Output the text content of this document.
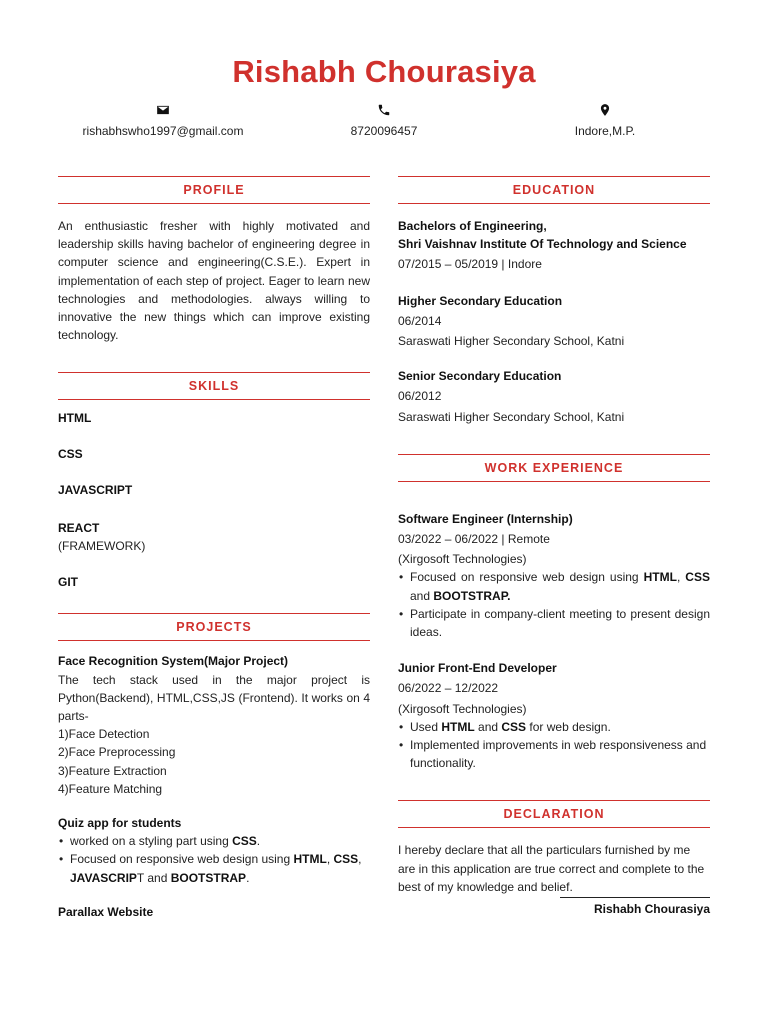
Rishabh Chourasiya
rishabhswho1997@gmail.com	8720096457	Indore,M.P.
PROFILE
An enthusiastic fresher with highly motivated and leadership skills having bachelor of engineering degree in computer science and engineering(C.S.E.). Expert in implementation of each step of project. Eager to learn new technologies and methodologies. always willing to innovative the new things which can improve existing technology.
SKILLS
HTML
CSS
JAVASCRIPT
REACT
(FRAMEWORK)
GIT
PROJECTS
Face Recognition System(Major Project)
The tech stack used in the major project is Python(Backend), HTML,CSS,JS (Frontend). It works on 4 parts-
1)Face Detection
2)Face Preprocessing
3)Feature Extraction
4)Feature Matching
Quiz app for students
• worked on a styling part using CSS.
• Focused on responsive web design using HTML, CSS, JAVASCRIPT and BOOTSTRAP.
Parallax Website
EDUCATION
Bachelors of Engineering,
Shri Vaishnav Institute Of Technology and Science
07/2015 – 05/2019 | Indore
Higher Secondary Education
06/2014
Saraswati Higher Secondary School, Katni
Senior Secondary Education
06/2012
Saraswati Higher Secondary School, Katni
WORK EXPERIENCE
Software Engineer (Internship)
03/2022 – 06/2022 | Remote
(Xirgosoft Technologies)
• Focused on responsive web design using HTML, CSS and BOOTSTRAP.
• Participate in company-client meeting to present design ideas.
Junior Front-End Developer
06/2022 – 12/2022
(Xirgosoft Technologies)
• Used HTML and CSS for web design.
• Implemented improvements in web responsiveness and functionality.
DECLARATION
I hereby declare that all the particulars furnished by me are in this application are true correct and complete to the best of my knowledge and belief.
Rishabh Chourasiya
